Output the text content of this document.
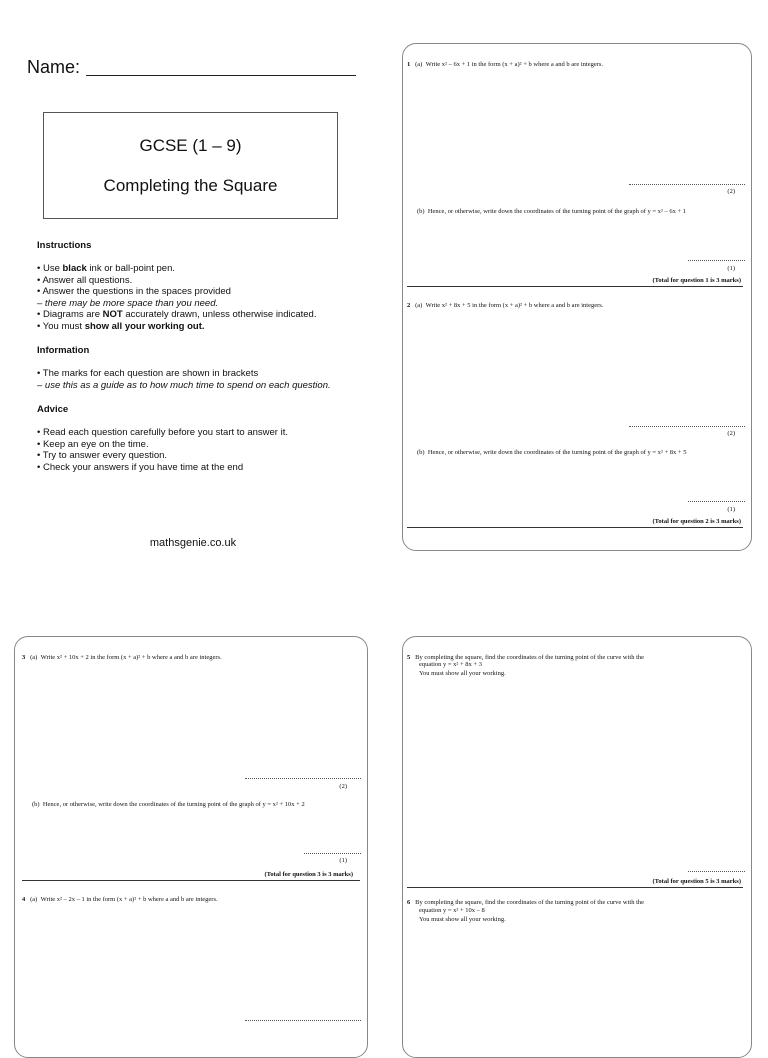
Name:
GCSE (1 – 9)
Completing the Square
Instructions
• Use black ink or ball-point pen.
• Answer all questions.
• Answer the questions in the spaces provided
– there may be more space than you need.
• Diagrams are NOT accurately drawn, unless otherwise indicated.
• You must show all your working out.
Information
• The marks for each question are shown in brackets
– use this as a guide as to how much time to spend on each question.
Advice
• Read each question carefully before you start to answer it.
• Keep an eye on the time.
• Try to answer every question.
• Check your answers if you have time at the end
mathsgenie.co.uk
1 (a) Write x² – 6x + 1 in the form (x + a)² + b where a and b are integers.
(2)
(b) Hence, or otherwise, write down the coordinates of the turning point of the graph of y = x² – 6x + 1
(1)
(Total for question 1 is 3 marks)
2 (a) Write x² + 8x + 5 in the form (x + a)² + b where a and b are integers.
(2)
(b) Hence, or otherwise, write down the coordinates of the turning point of the graph of y = x² + 8x + 5
(1)
(Total for question 2 is 3 marks)
3 (a) Write x² + 10x + 2 in the form (x + a)² + b where a and b are integers.
(2)
(b) Hence, or otherwise, write down the coordinates of the turning point of the graph of y = x² + 10x + 2
(1)
(Total for question 3 is 3 marks)
4 (a) Write x² – 2x – 1 in the form (x + a)² + b where a and b are integers.
5 By completing the square, find the coordinates of the turning point of the curve with the
equation y = x² + 8x + 3
You must show all your working.
(Total for question 5 is 3 marks)
6 By completing the square, find the coordinates of the turning point of the curve with the
equation y = x² + 10x – 8
You must show all your working.
